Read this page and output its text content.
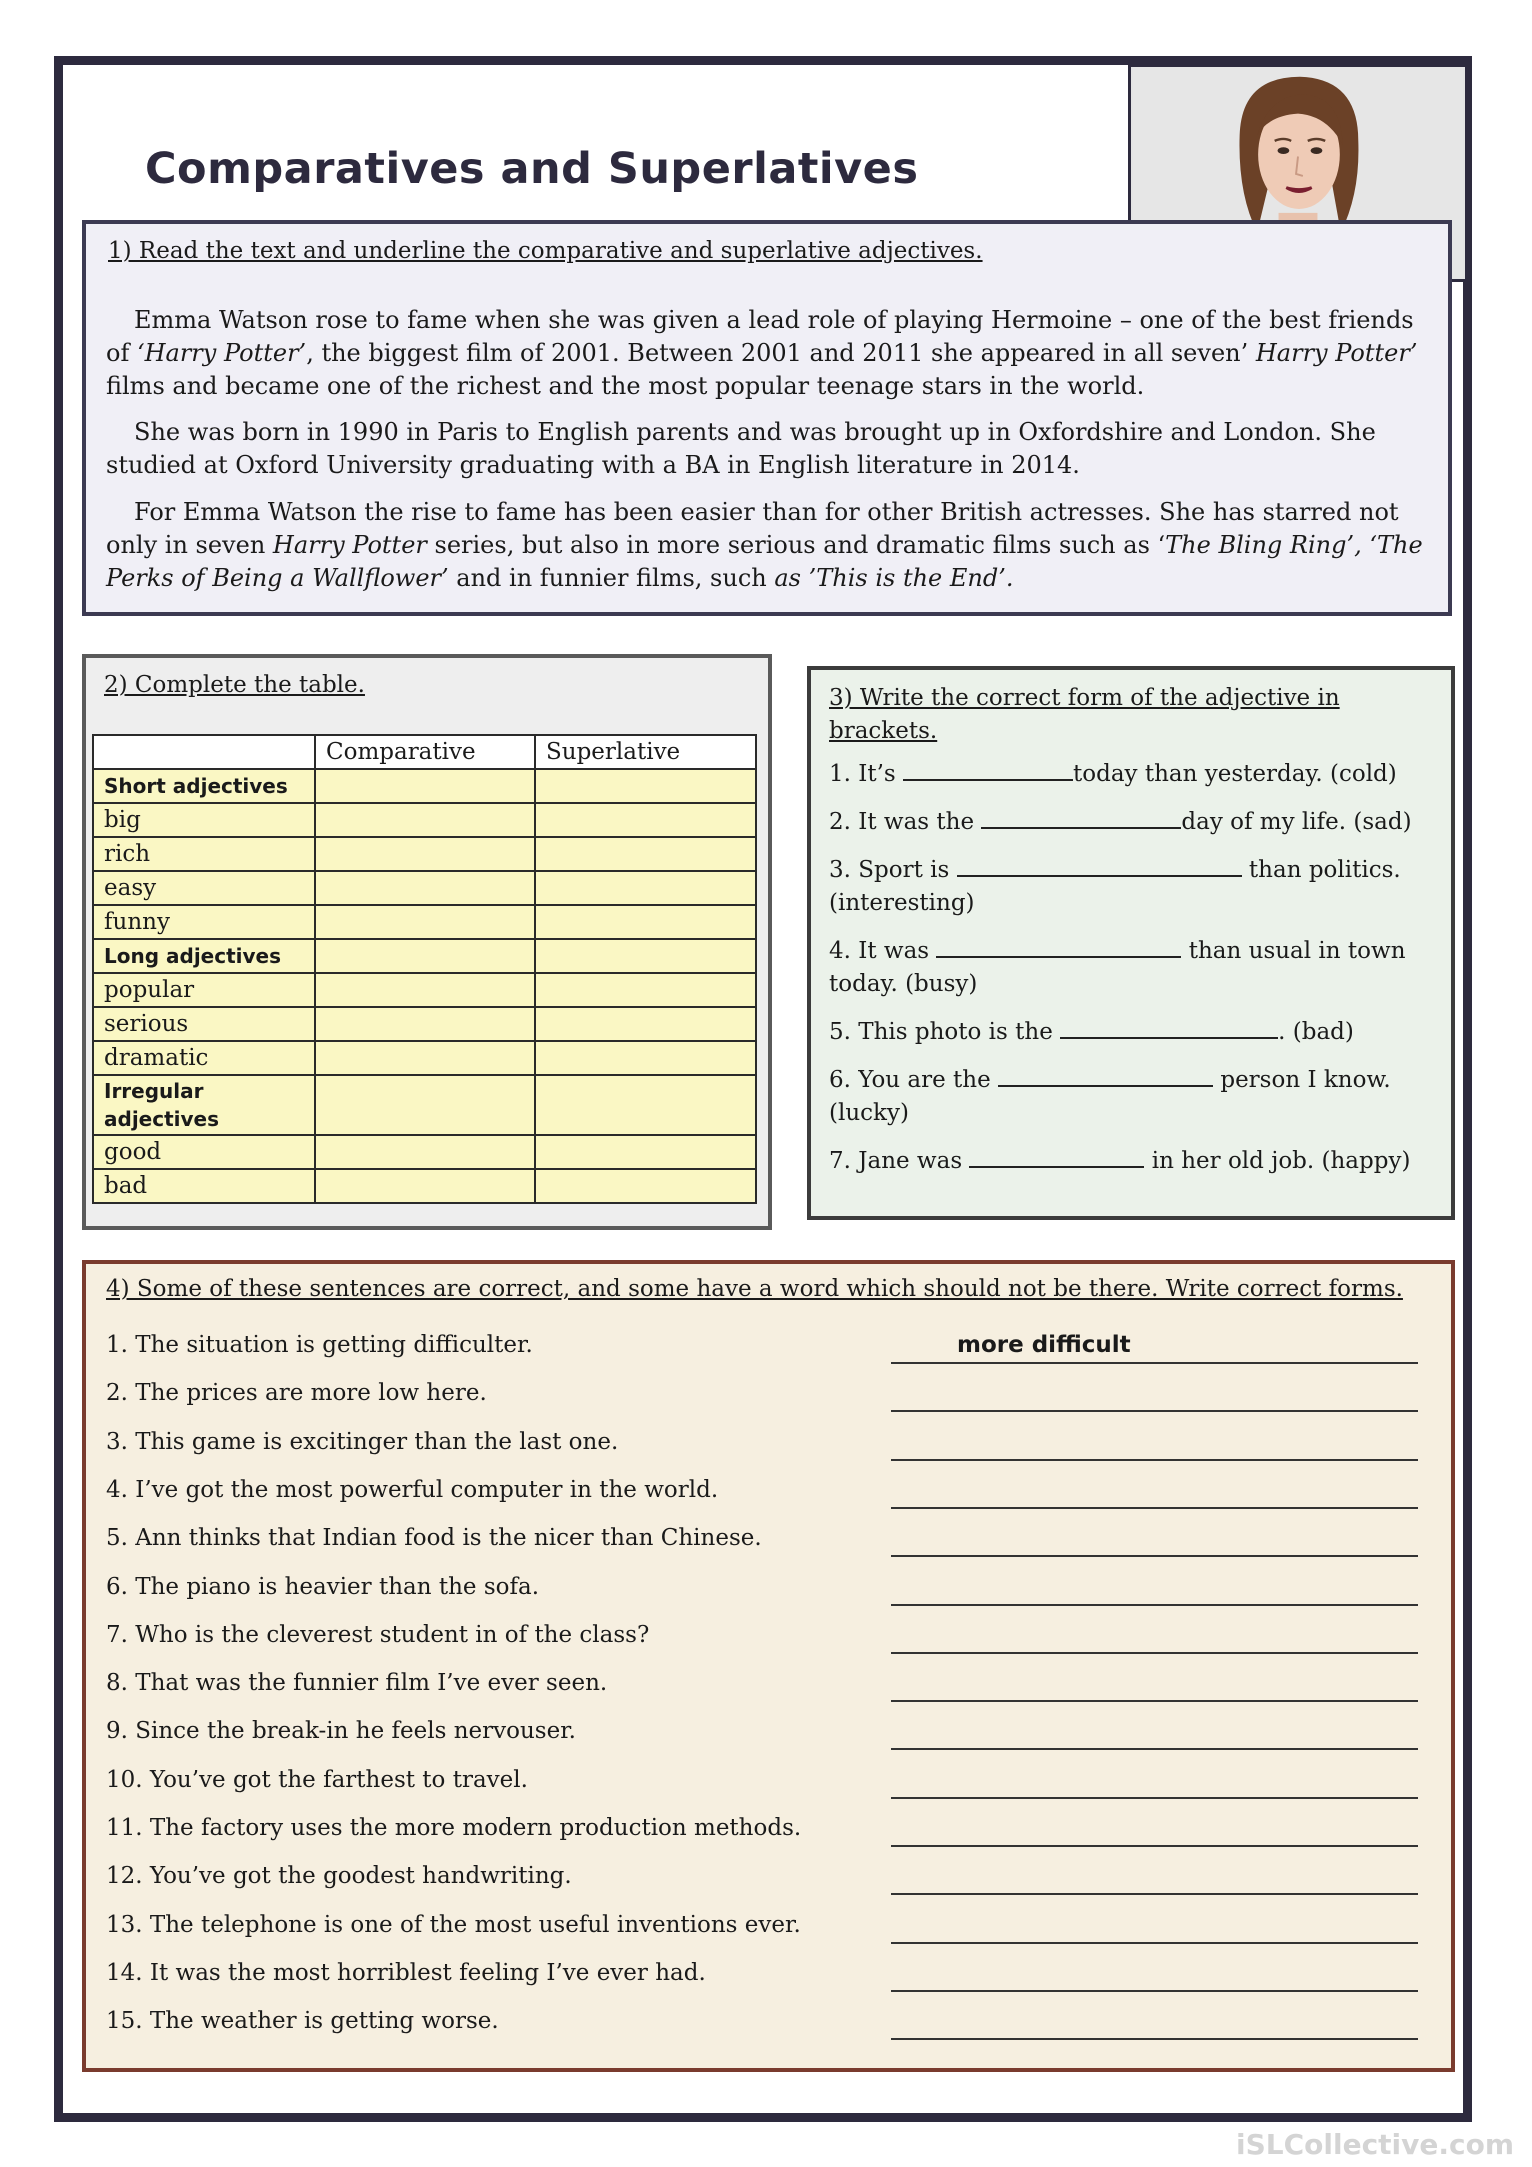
Comparatives and Superlatives
1) Read the text and underline the comparative and superlative adjectives.

Emma Watson rose to fame when she was given a lead role of playing Hermoine – one of the best friends of ‘Harry Potter’, the biggest film of 2001. Between 2001 and 2011 she appeared in all seven’ Harry Potter’ films and became one of the richest and the most popular teenage stars in the world.

She was born in 1990 in Paris to English parents and was brought up in Oxfordshire and London. She studied at Oxford University graduating with a BA in English literature in 2014.

For Emma Watson the rise to fame has been easier than for other British actresses. She has starred not only in seven Harry Potter series, but also in more serious and dramatic films such as ‘The Bling Ring’, ‘The Perks of Being a Wallflower’ and in funnier films, such as ’This is the End’.

2) Complete the table.
	Comparative	Superlative
Short adjectives		
big		
rich		
easy		
funny		
Long adjectives		
popular		
serious		
dramatic		
Irregular adjectives		
good		
bad		
3) Write the correct form of the adjective in brackets.
1. It’s	today than yesterday. (cold)
2. It was the	day of my life. (sad)
3. Sport is	than politics. (interesting)
4. It was	than usual in town today. (busy)
5. This photo is the	. (bad)
6. You are the	person I know. (lucky)
7. Jane was	in her old job. (happy)
4) Some of these sentences are correct, and some have a word which should not be there. Write correct forms.
1. The situation is getting difficulter.	more difficult
2. The prices are more low here.
3. This game is excitinger than the last one.
4. I’ve got the most powerful computer in the world.
5. Ann thinks that Indian food is the nicer than Chinese.
6. The piano is heavier than the sofa.
7. Who is the cleverest student in of the class?
8. That was the funnier film I’ve ever seen.
9. Since the break-in he feels nervouser.
10. You’ve got the farthest to travel.
11. The factory uses the more modern production methods.
12. You’ve got the goodest handwriting.
13. The telephone is one of the most useful inventions ever.
14. It was the most horriblest feeling I’ve ever had.
15. The weather is getting worse.
iSLCollective.com
